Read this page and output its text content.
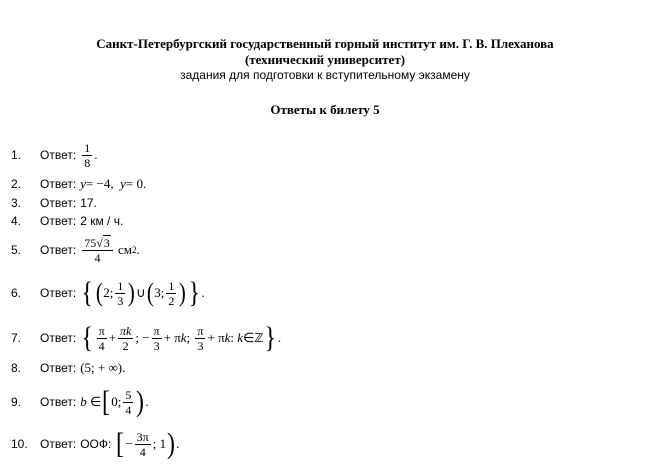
Санкт-Петербургский государственный горный институт им. Г. В. Плеханова
(технический университет)
задания для подготовки к вступительному экзамену
Ответы к билету 5
1.	Ответ: $\frac{1}{8}$ .
2.	Ответ: y = −4,
y = 0 .
3.	Ответ: 17.
4.	Ответ: 2 км / ч .
5.	Ответ: $\frac{75√3}{4}$
см 2 .
6.	Ответ: { ( 2; $\frac{1}{3}$ ) ∪ ( 3; $\frac{1}{2}$ ) } .
7.	Ответ: { $\frac{\pi}{4} + \frac{\pi k}{2}$ ; − $\frac{\pi}{3} + \pi$ k ;
$\frac{\pi}{3} + \pi$ k :
k ∈ ℤ } .
8.	Ответ: (5; + ∞) .
9.	Ответ: b
∈ [ 0; $\frac{5}{4}$ ) .
10.	Ответ: ООФ: [ − $\frac{3\pi}{4}$ ; 1 ) .
